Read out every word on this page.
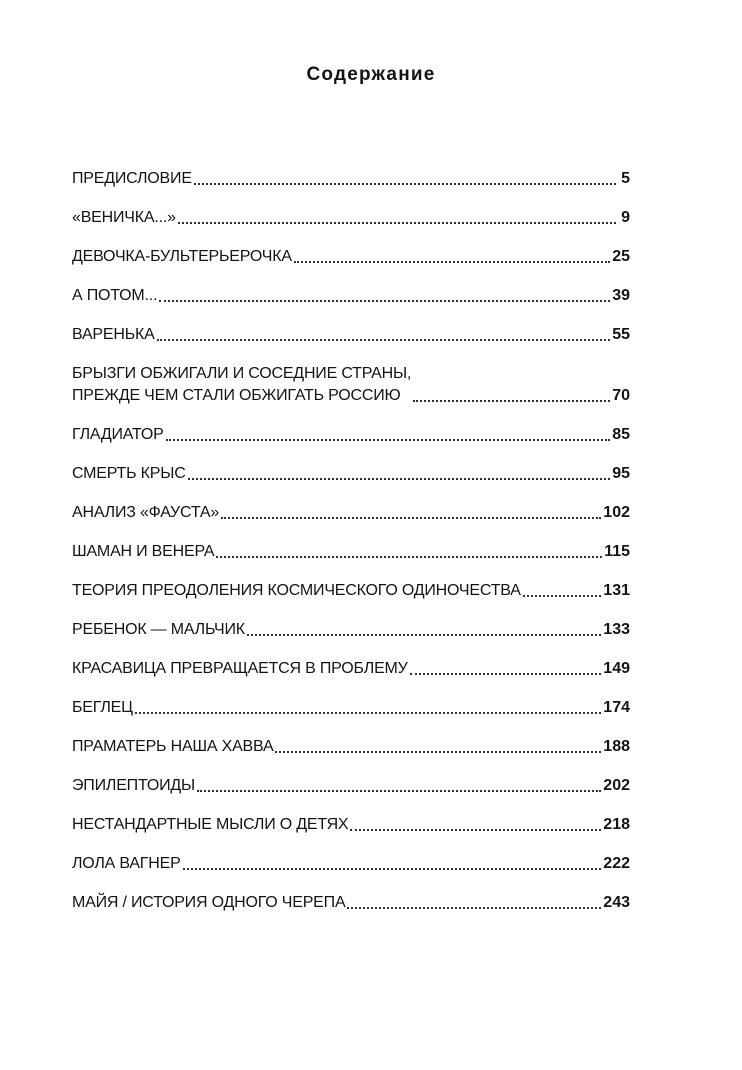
Содержание
ПРЕДИСЛОВИЕ	5
«ВЕНИЧКА...»	9
ДЕВОЧКА-БУЛЬТЕРЬЕРОЧКА	25
А ПОТОМ...	39
ВАРЕНЬКА	55
БРЫЗГИ ОБЖИГАЛИ И СОСЕДНИЕ СТРАНЫ,
ПРЕЖДЕ ЧЕМ СТАЛИ ОБЖИГАТЬ РОССИЮ	70
ГЛАДИАТОР	85
СМЕРТЬ КРЫС	95
АНАЛИЗ «ФАУСТА»	102
ШАМАН И ВЕНЕРА	115
ТЕОРИЯ ПРЕОДОЛЕНИЯ КОСМИЧЕСКОГО ОДИНОЧЕСТВА	131
РЕБЕНОК — МАЛЬЧИК	133
КРАСАВИЦА ПРЕВРАЩАЕТСЯ В ПРОБЛЕМУ	149
БЕГЛЕЦ	174
ПРАМАТЕРЬ НАША ХАВВА	188
ЭПИЛЕПТОИДЫ	202
НЕСТАНДАРТНЫЕ МЫСЛИ О ДЕТЯХ	218
ЛОЛА ВАГНЕР	222
МАЙЯ / ИСТОРИЯ ОДНОГО ЧЕРЕПА	243
